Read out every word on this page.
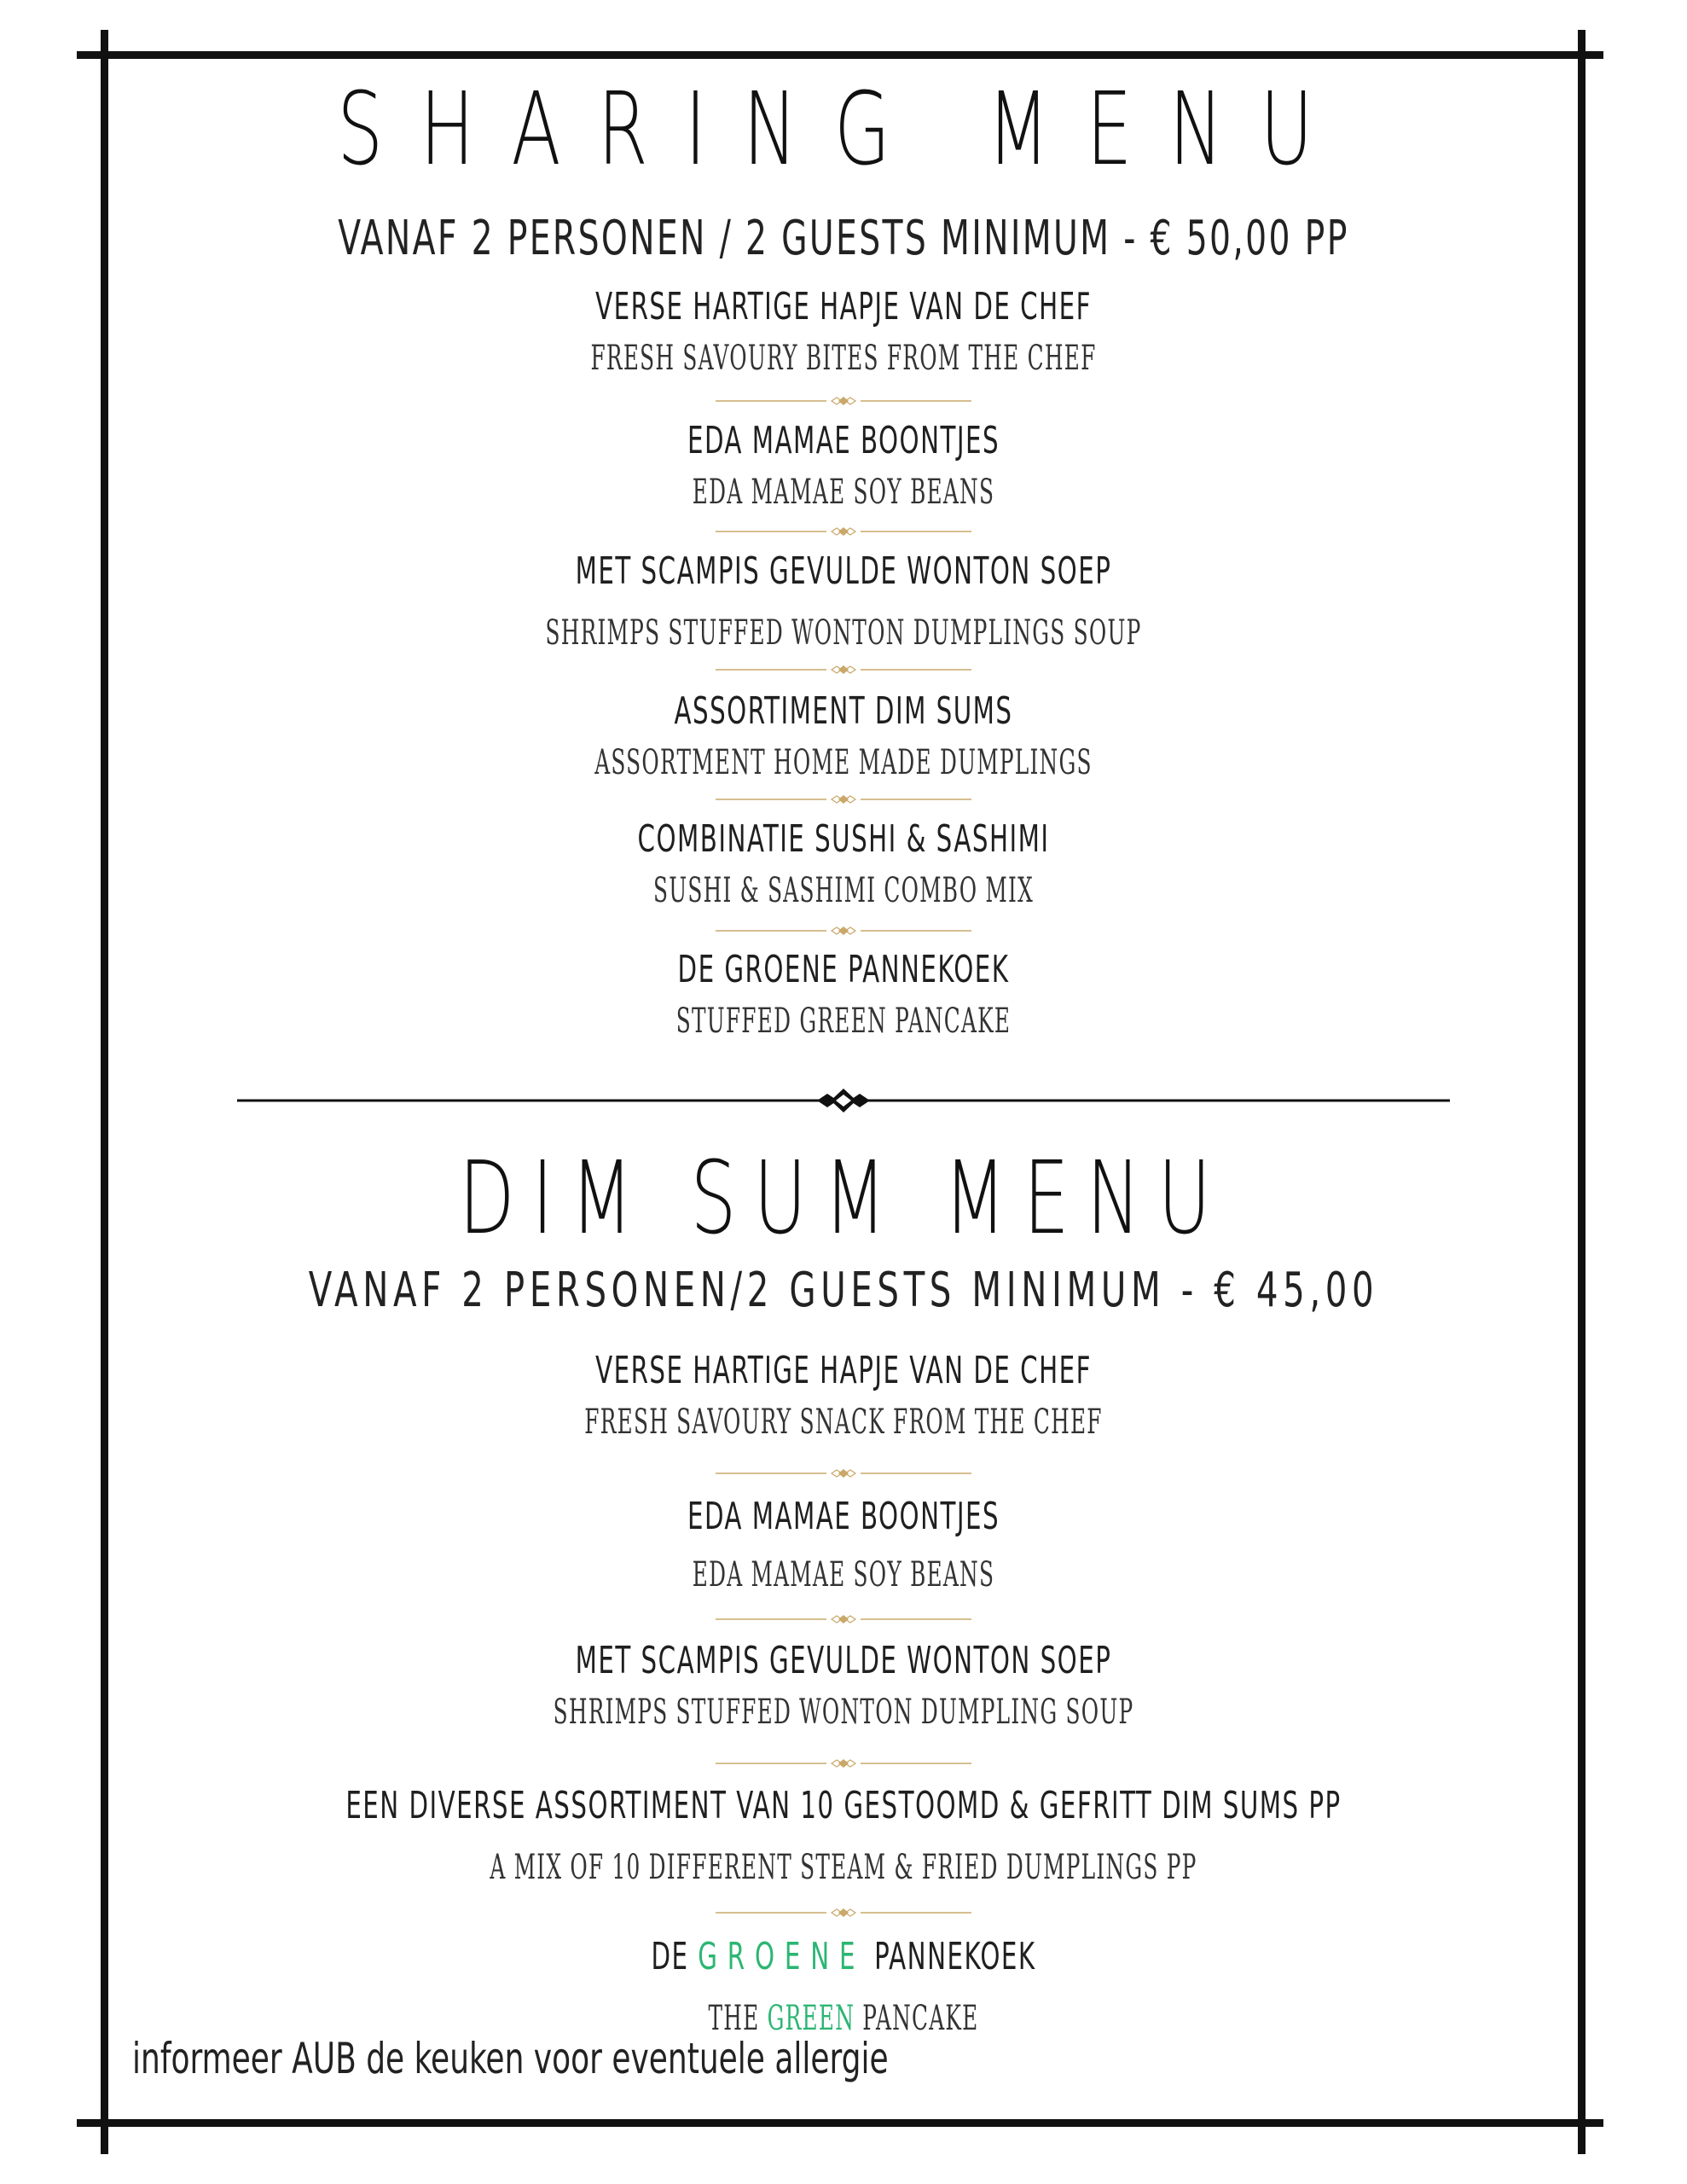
SHARING MENU
VANAF 2 PERSONEN / 2 GUESTS MINIMUM - € 50,00 PP
VERSE HARTIGE HAPJE VAN DE CHEF
FRESH SAVOURY BITES FROM THE CHEF
EDA MAMAE BOONTJES
EDA MAMAE SOY BEANS
MET SCAMPIS GEVULDE WONTON SOEP
SHRIMPS STUFFED WONTON DUMPLINGS SOUP
ASSORTIMENT DIM SUMS
ASSORTMENT HOME MADE DUMPLINGS
COMBINATIE SUSHI & SASHIMI
SUSHI & SASHIMI COMBO MIX
DE GROENE PANNEKOEK
STUFFED GREEN PANCAKE
DIM SUM MENU
VANAF 2 PERSONEN/2 GUESTS MINIMUM - € 45,00
VERSE HARTIGE HAPJE VAN DE CHEF
FRESH SAVOURY SNACK FROM THE CHEF
EDA MAMAE BOONTJES
EDA MAMAE SOY BEANS
MET SCAMPIS GEVULDE WONTON SOEP
SHRIMPS STUFFED WONTON DUMPLING SOUP
EEN DIVERSE ASSORTIMENT VAN 10 GESTOOMD & GEFRITT DIM SUMS PP
A MIX OF 10 DIFFERENT STEAM & FRIED DUMPLINGS PP
DE GROENE PANNEKOEK
THE GREEN PANCAKE
informeer AUB de keuken voor eventuele allergie
